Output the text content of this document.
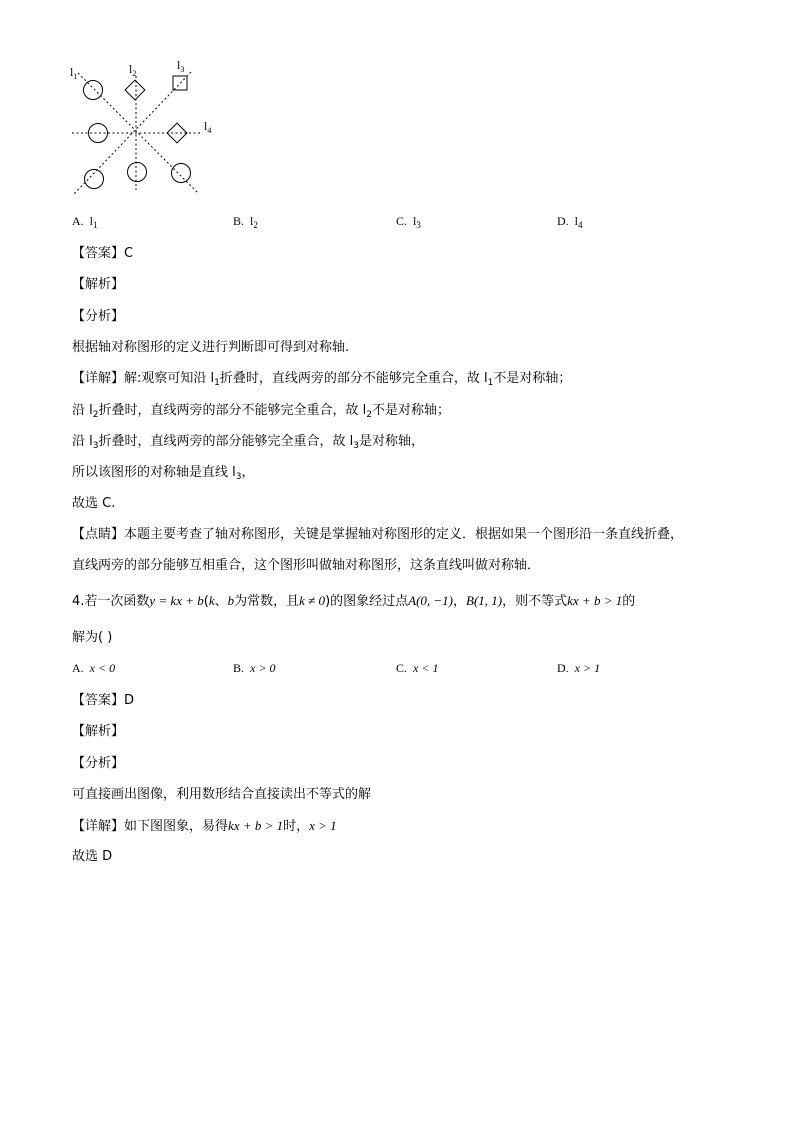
$l_1$
$l_2$
$l_3$
$l_4$
A. $l_1$	B. $l_2$	C. $l_3$	D. $l_4$
【答案】C
【解析】
【分析】
根据轴对称图形的定义进行判断即可得到对称轴.
【详解】解:观察可知沿 $l_1$折叠时，直线两旁的部分不能够完全重合，故 $l_1$不是对称轴；
沿 $l_2$折叠时，直线两旁的部分不能够完全重合，故 $l_2$不是对称轴；
沿 $l_3$折叠时，直线两旁的部分能够完全重合，故 $l_3$是对称轴，
所以该图形的对称轴是直线 $l_3$，
故选 C.
【点睛】本题主要考查了轴对称图形，关键是掌握轴对称图形的定义．根据如果一个图形沿一条直线折叠，
直线两旁的部分能够互相重合，这个图形叫做轴对称图形，这条直线叫做对称轴．
4.若一次函数y = kx + b(k、b为常数，且k ≠ 0)的图象经过点A(0, −1)，B(1, 1)，则不等式kx + b > 1的
解为( )
A. x < 0	B. x > 0	C. x < 1	D. x > 1
【答案】D
【解析】
【分析】
可直接画出图像，利用数形结合直接读出不等式的解
【详解】如下图图象，易得kx + b > 1时，x > 1
故选 D
